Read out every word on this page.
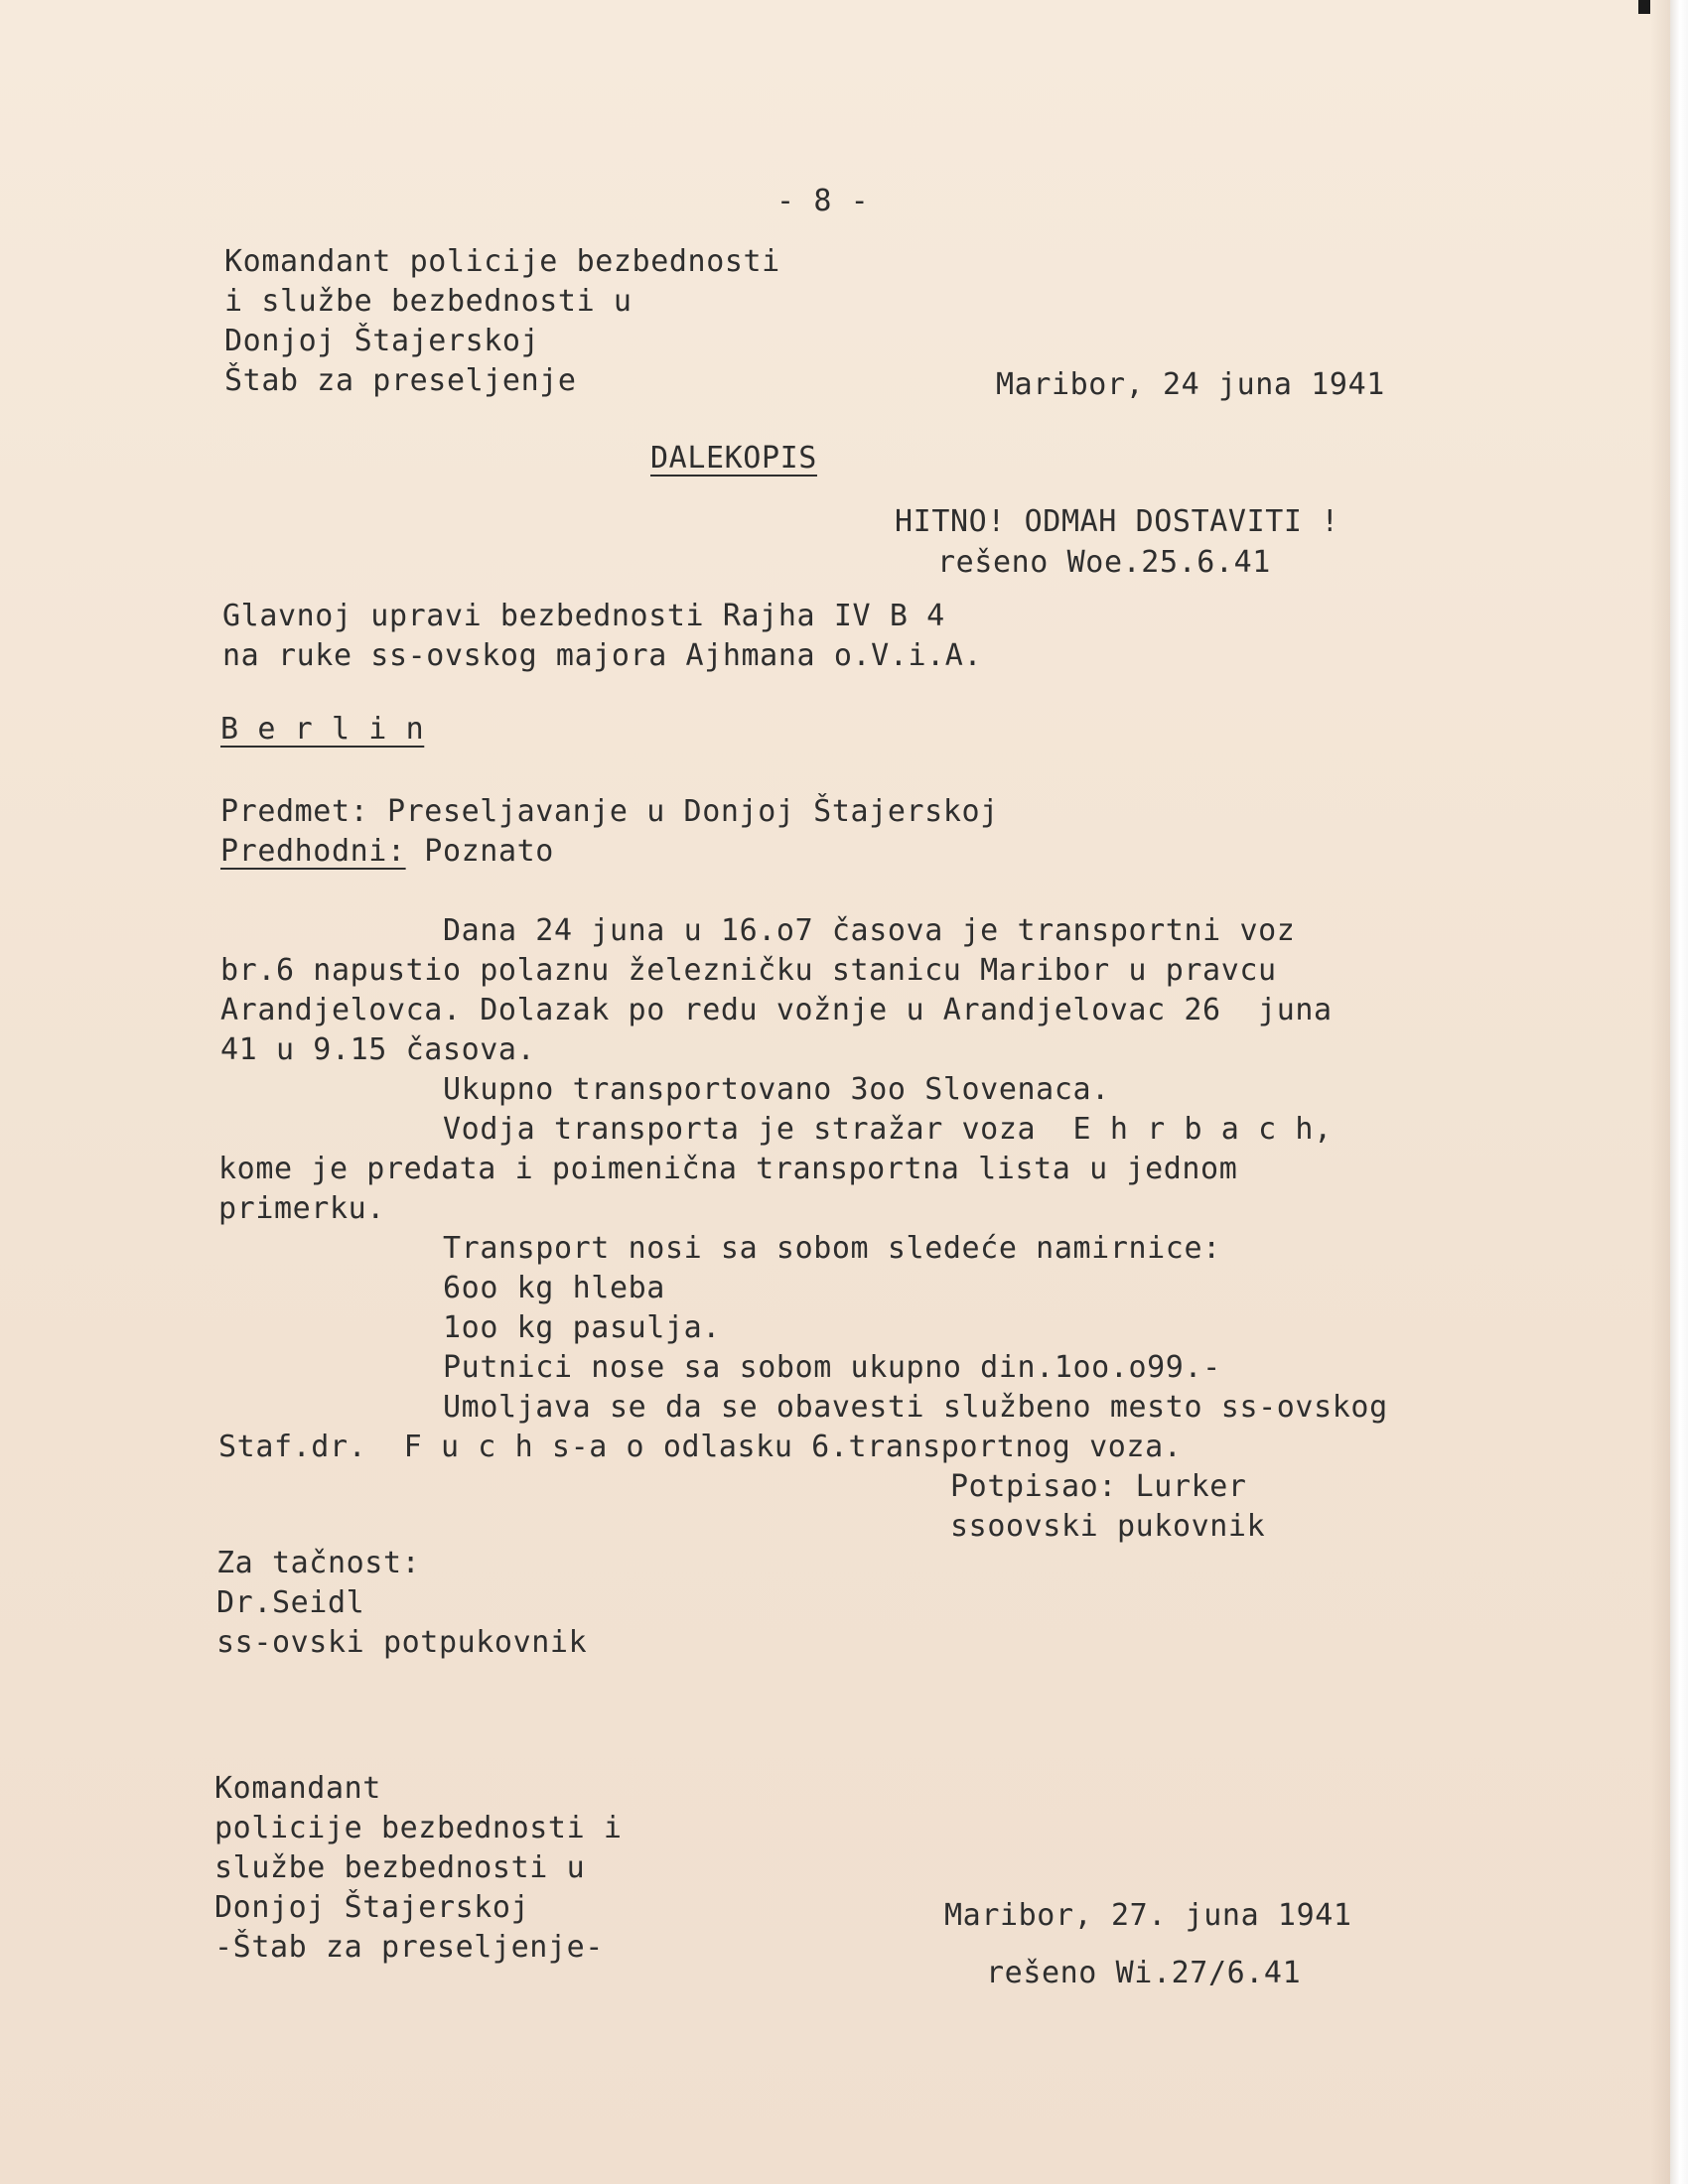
- 8 -
Komandant policije bezbednosti
i službe bezbednosti u
Donjoj Štajerskoj
Štab za preseljenje	Maribor, 24 juna 1941
DALEKOPIS
HITNO! ODMAH DOSTAVITI !
rešeno Woe.25.6.41
Glavnoj upravi bezbednosti Rajha IV B 4
na ruke ss-ovskog majora Ajhmana o.V.i.A.
B e r l i n
Predmet: Preseljavanje u Donjoj Štajerskoj
Predhodni: Poznato
Dana 24 juna u 16.o7 časova je transportni voz
br.6 napustio polaznu železničku stanicu Maribor u pravcu
Arandjelovca. Dolazak po redu vožnje u Arandjelovac 26  juna
41 u 9.15 časova.
Ukupno transportovano 3oo Slovenaca.
Vodja transporta je stražar voza  E h r b a c h,
kome je predata i poimenična transportna lista u jednom
primerku.
Transport nosi sa sobom sledeće namirnice:
6oo kg hleba
1oo kg pasulja.
Putnici nose sa sobom ukupno din.1oo.o99.-
Umoljava se da se obavesti službeno mesto ss-ovskog
Staf.dr.  F u c h s-a o odlasku 6.transportnog voza.
Potpisao: Lurker
ssoovski pukovnik
Za tačnost:
Dr.Seidl
ss-ovski potpukovnik
Komandant
policije bezbednosti i
službe bezbednosti u
Donjoj Štajerskoj
-Štab za preseljenje-
Maribor, 27. juna 1941
rešeno Wi.27/6.41
